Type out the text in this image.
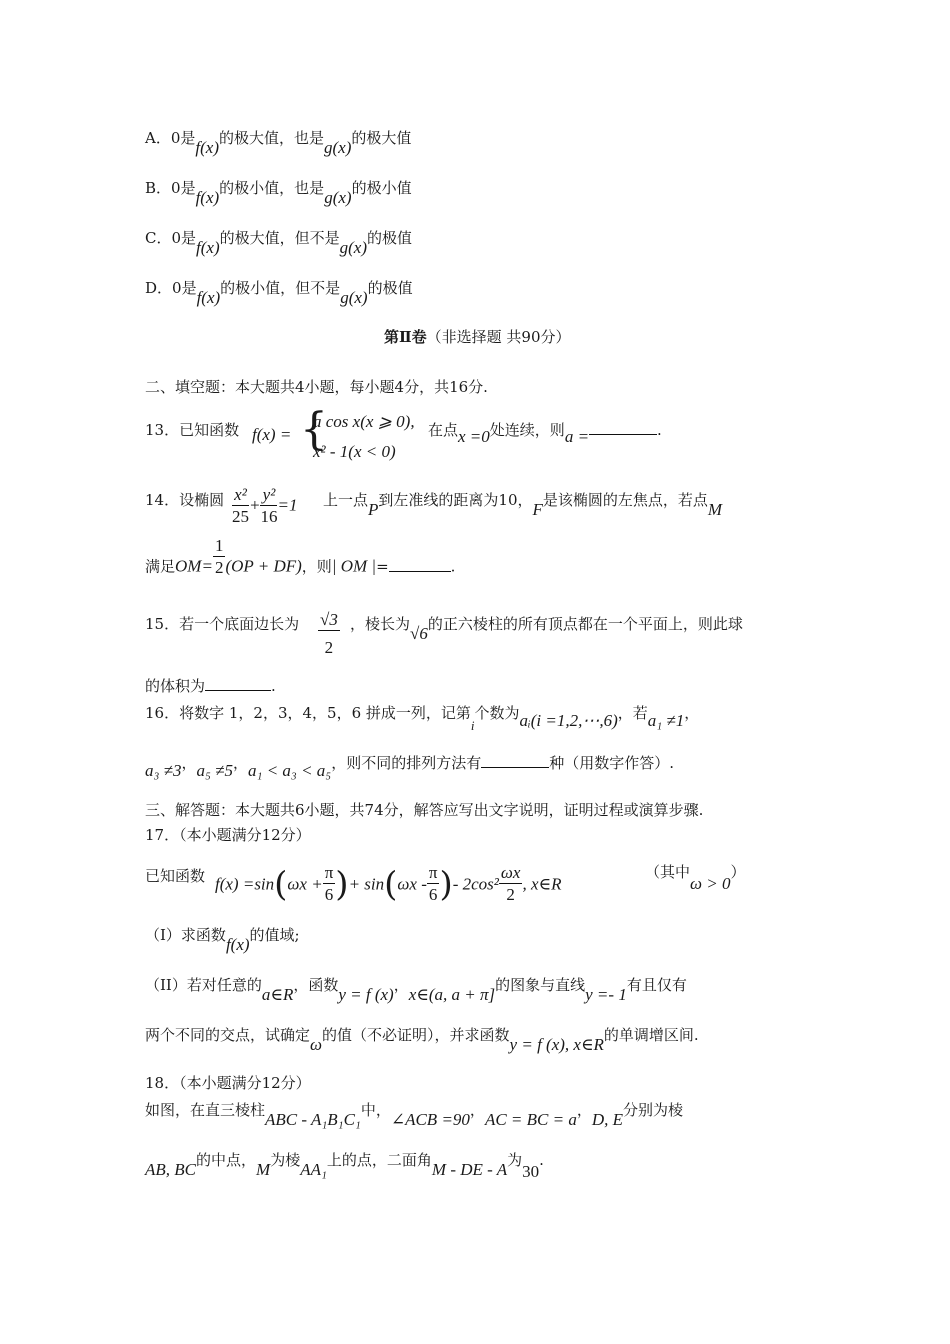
A．0是f(x)的极大值，也是g(x)的极大值
B．0是f(x)的极小值，也是g(x)的极小值
C．0是f(x)的极大值，但不是g(x)的极值
D．0是f(x)的极小值，但不是g(x)的极值
第Ⅱ卷（非选择题 共90分）
二、填空题：本大题共4小题，每小题4分，共16分.
13．已知函数 f(x) = {
a cos x(x ⩾ 0),
x² - 1(x < 0)
在点x =0处连续，则a =	.
14．设椭圆 $\frac{\text{x²}}{25} + \frac{\text{y²}}{16} =1$ 上一点P到左准线的距离为10，F是该椭圆的左焦点，若点M
满足$OM= \frac{1}{2} (OP + DF)$，则| OM |=	.
15．若一个底面边长为 $\frac{√3}{2}$ ，棱长为√6的正六棱柱的所有顶点都在一个平面上，则此球
的体积为	.
16．将数字 1，2，3，4，5，6 拼成一列，记第i个数为aᵢ(i =1,2,⋯,6)，若a₁ ≠1，
a₃ ≠3，a₅ ≠5，a₁ < a₃ < a₅，则不同的排列方法有	种（用数字作答）.
三、解答题：本大题共6小题，共74分，解答应写出文字说明，证明过程或演算步骤.
17．（本小题满分12分）
已知函数 $f(x) =\sin(\omega x + \frac{\pi}{6}$ )+ $\sin(\omega x - \frac{\pi}{6}$ )- $2\cos^2 \frac{\omega x}{2}$ , x∈R
（其中ω > 0）
（I）求函数f(x)的值域;
（II）若对任意的a∈R，函数y = f (x)，x∈(a, a + π]的图象与直线y =- 1有且仅有
两个不同的交点，试确定ω的值（不必证明），并求函数y = f (x), x∈R的单调增区间.
18．（本小题满分12分）
如图，在直三棱柱ABC - A₁B₁C₁中，∠ACB =90，AC = BC = a，D, E分别为棱
AB, BC的中点，M为棱AA₁上的点，二面角M - DE - A为30.
